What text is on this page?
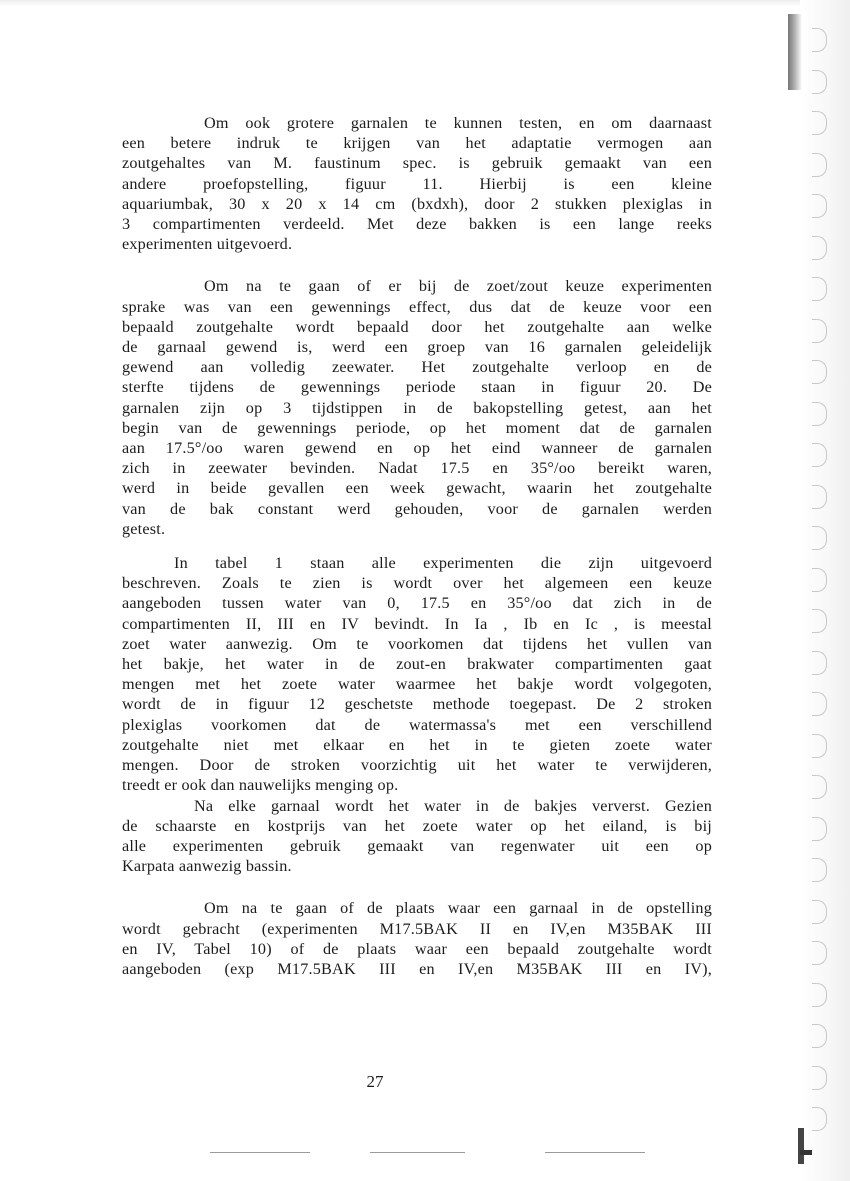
Om ook grotere garnalen te kunnen testen, en om daarnaast
een betere indruk te krijgen van het adaptatie vermogen aan
zoutgehaltes van M. faustinum spec. is gebruik gemaakt van een
andere proefopstelling, figuur 11. Hierbij is een kleine
aquariumbak, 30 x 20 x 14 cm (bxdxh), door 2 stukken plexiglas in
3 compartimenten verdeeld. Met deze bakken is een lange reeks
experimenten uitgevoerd.

Om na te gaan of er bij de zoet/zout keuze experimenten
sprake was van een gewennings effect, dus dat de keuze voor een
bepaald zoutgehalte wordt bepaald door het zoutgehalte aan welke
de garnaal gewend is, werd een groep van 16 garnalen geleidelijk
gewend aan volledig zeewater. Het zoutgehalte verloop en de
sterfte tijdens de gewennings periode staan in figuur 20. De
garnalen zijn op 3 tijdstippen in de bakopstelling getest, aan het
begin van de gewennings periode, op het moment dat de garnalen
aan 17.5°/oo waren gewend en op het eind wanneer de garnalen
zich in zeewater bevinden. Nadat 17.5 en 35°/oo bereikt waren,
werd in beide gevallen een week gewacht, waarin het zoutgehalte
van de bak constant werd gehouden, voor de garnalen werden
getest.

In tabel 1 staan alle experimenten die zijn uitgevoerd
beschreven. Zoals te zien is wordt over het algemeen een keuze
aangeboden tussen water van 0, 17.5 en 35°/oo dat zich in de
compartimenten II, III en IV bevindt. In Ia , Ib en Ic , is meestal
zoet water aanwezig. Om te voorkomen dat tijdens het vullen van
het bakje, het water in de zout-en brakwater compartimenten gaat
mengen met het zoete water waarmee het bakje wordt volgegoten,
wordt de in figuur 12 geschetste methode toegepast. De 2 stroken
plexiglas voorkomen dat de watermassa's met een verschillend
zoutgehalte niet met elkaar en het in te gieten zoete water
mengen. Door de stroken voorzichtig uit het water te verwijderen,
treedt er ook dan nauwelijks menging op.

Na elke garnaal wordt het water in de bakjes ververst. Gezien
de schaarste en kostprijs van het zoete water op het eiland, is bij
alle experimenten gebruik gemaakt van regenwater uit een op
Karpata aanwezig bassin.

Om na te gaan of de plaats waar een garnaal in de opstelling
wordt gebracht (experimenten M17.5BAK II en IV,en M35BAK III
en IV, Tabel 10) of de plaats waar een bepaald zoutgehalte wordt
aangeboden (exp M17.5BAK III en IV,en M35BAK III en IV),

27
